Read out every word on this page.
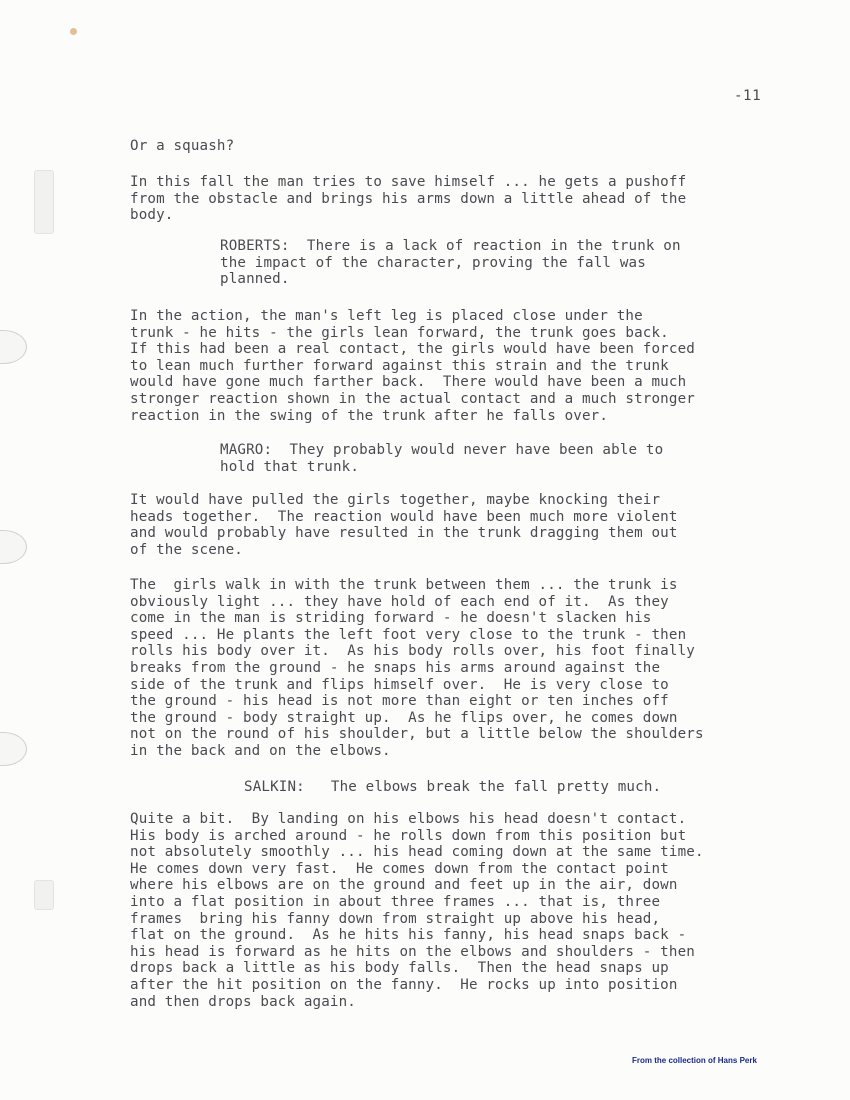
-11

Or a squash?

In this fall the man tries to save himself ... he gets a pushoff
from the obstacle and brings his arms down a little ahead of the
body.

ROBERTS:  There is a lack of reaction in the trunk on
the impact of the character, proving the fall was
planned.

In the action, the man's left leg is placed close under the
trunk - he hits - the girls lean forward, the trunk goes back.
If this had been a real contact, the girls would have been forced
to lean much further forward against this strain and the trunk
would have gone much farther back.  There would have been a much
stronger reaction shown in the actual contact and a much stronger
reaction in the swing of the trunk after he falls over.

MAGRO:  They probably would never have been able to
hold that trunk.

It would have pulled the girls together, maybe knocking their
heads together.  The reaction would have been much more violent
and would probably have resulted in the trunk dragging them out
of the scene.

The  girls walk in with the trunk between them ... the trunk is
obviously light ... they have hold of each end of it.  As they
come in the man is striding forward - he doesn't slacken his
speed ... He plants the left foot very close to the trunk - then
rolls his body over it.  As his body rolls over, his foot finally
breaks from the ground - he snaps his arms around against the
side of the trunk and flips himself over.  He is very close to
the ground - his head is not more than eight or ten inches off
the ground - body straight up.  As he flips over, he comes down
not on the round of his shoulder, but a little below the shoulders
in the back and on the elbows.

SALKIN:   The elbows break the fall pretty much.

Quite a bit.  By landing on his elbows his head doesn't contact.
His body is arched around - he rolls down from this position but
not absolutely smoothly ... his head coming down at the same time.
He comes down very fast.  He comes down from the contact point
where his elbows are on the ground and feet up in the air, down
into a flat position in about three frames ... that is, three
frames  bring his fanny down from straight up above his head,
flat on the ground.  As he hits his fanny, his head snaps back -
his head is forward as he hits on the elbows and shoulders - then
drops back a little as his body falls.  Then the head snaps up
after the hit position on the fanny.  He rocks up into position
and then drops back again.

From the collection of Hans Perk
